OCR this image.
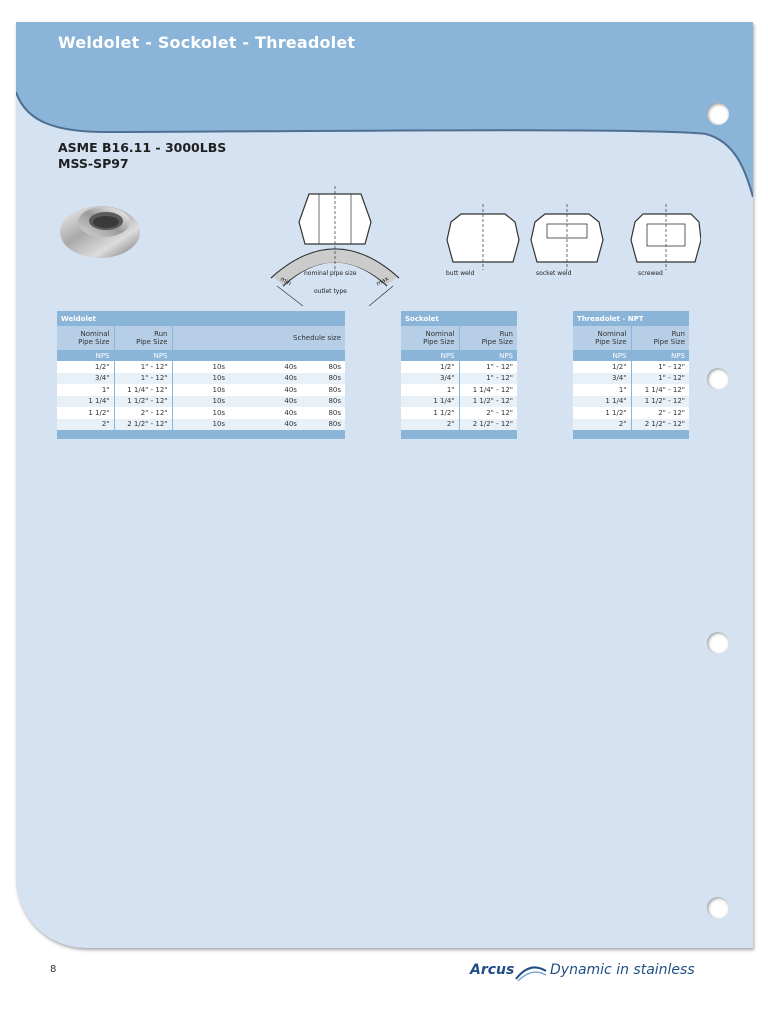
Weldolet - Sockolet - Threadolet
ASME B16.11 - 3000LBS
MSS-SP97
nominal pipe size
min	max
outlet type
butt weld	socket weld	screwed
Weldolet				
Nominal
Pipe Size	Run
Pipe Size	Schedule size		
NPS	NPS			
1/2"	1" - 12"	10s	40s	80s
3/4"	1" - 12"	10s	40s	80s
1"	1 1/4" - 12"	10s	40s	80s
1 1/4"	1 1/2" - 12"	10s	40s	80s
1 1/2"	2" - 12"	10s	40s	80s
2"	2 1/2" - 12"	10s	40s	80s

Sockolet	
Nominal
Pipe Size	Run
Pipe Size
NPS	NPS
1/2"	1" - 12"
3/4"	1" - 12"
1"	1 1/4" - 12"
1 1/4"	1 1/2" - 12"
1 1/2"	2" - 12"
2"	2 1/2" - 12"

Threadolet - NPT	
Nominal
Pipe Size	Run
Pipe Size
NPS	NPS
1/2"	1" - 12"
3/4"	1" - 12"
1"	1 1/4" - 12"
1 1/4"	1 1/2" - 12"
1 1/2"	2" - 12"
2"	2 1/2" - 12"

8	Arcus	Dynamic in stainless
